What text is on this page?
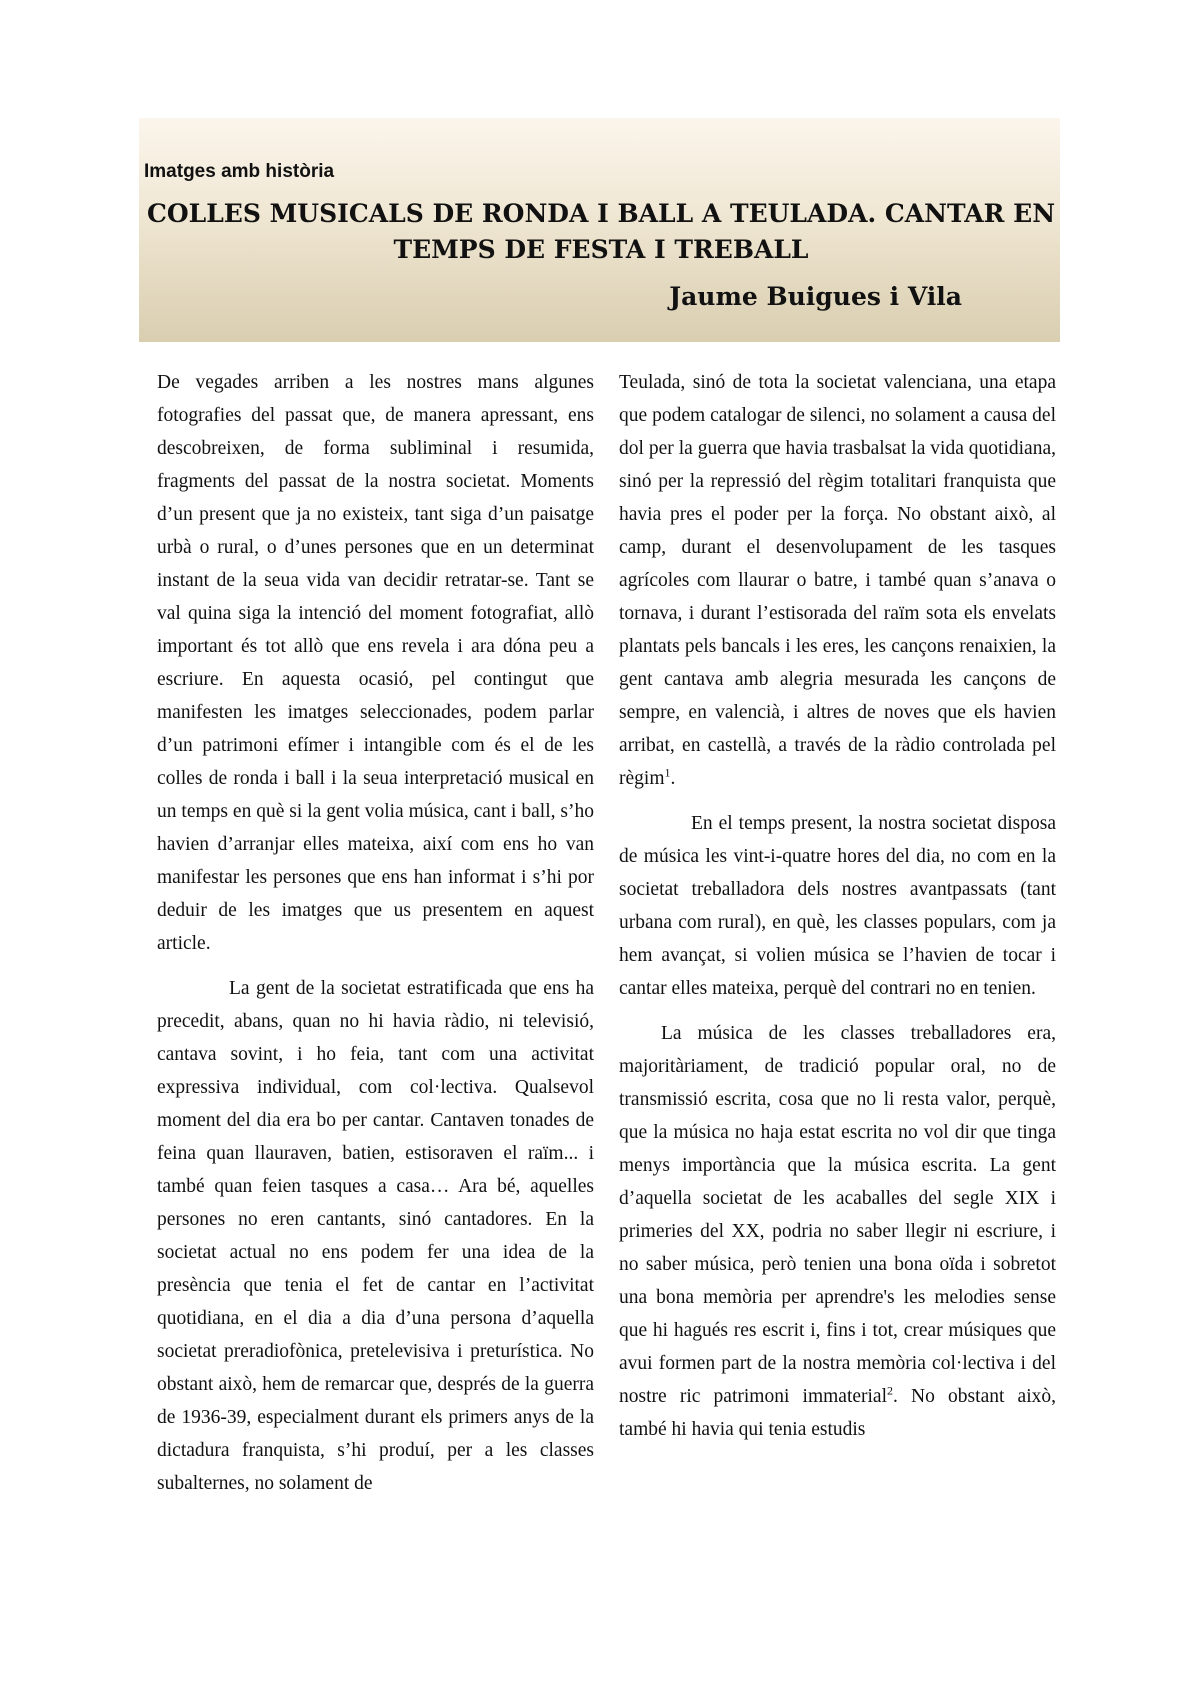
Imatges amb història
COLLES MUSICALS DE RONDA I BALL A TEULADA. CANTAR EN TEMPS DE FESTA I TREBALL
Jaume Buigues i Vila

De vegades arriben a les nostres mans algunes fotografies del passat que, de manera apressant, ens descobreixen, de forma subliminal i resumida, fragments del passat de la nostra societat. Moments d’un present que ja no existeix, tant siga d’un paisatge urbà o rural, o d’unes persones que en un determinat instant de la seua vida van decidir retratar-se. Tant se val quina siga la intenció del moment fotografiat, allò important és tot allò que ens revela i ara dóna peu a escriure. En aquesta ocasió, pel contingut que manifesten les imatges seleccionades, podem parlar d’un patrimoni efímer i intangible com és el de les colles de ronda i ball i la seua interpretació musical en un temps en què si la gent volia música, cant i ball, s’ho havien d’arranjar elles mateixa, així com ens ho van manifestar les persones que ens han informat i s’hi por deduir de les imatges que us presentem en aquest article.

La gent de la societat estratificada que ens ha precedit, abans, quan no hi havia ràdio, ni televisió, cantava sovint, i ho feia, tant com una activitat expressiva individual, com col·lectiva. Qualsevol moment del dia era bo per cantar. Cantaven tonades de feina quan llauraven, batien, estisoraven el raïm... i també quan feien tasques a casa… Ara bé, aquelles persones no eren cantants, sinó cantadores. En la societat actual no ens podem fer una idea de la presència que tenia el fet de cantar en l’activitat quotidiana, en el dia a dia d’una persona d’aquella societat preradiofònica, pretelevisiva i preturística. No obstant això, hem de remarcar que, després de la guerra de 1936-39, especialment durant els primers anys de la dictadura franquista, s’hi produí, per a les classes subalternes, no solament de

Teulada, sinó de tota la societat valenciana, una etapa que podem catalogar de silenci, no solament a causa del dol per la guerra que havia trasbalsat la vida quotidiana, sinó per la repressió del règim totalitari franquista que havia pres el poder per la força. No obstant això, al camp, durant el desenvolupament de les tasques agrícoles com llaurar o batre, i també quan s’anava o tornava, i durant l’estisorada del raïm sota els envelats plantats pels bancals i les eres, les cançons renaixien, la gent cantava amb alegria mesurada les cançons de sempre, en valencià, i altres de noves que els havien arribat, en castellà, a través de la ràdio controlada pel règim$^1$.

En el temps present, la nostra societat disposa de música les vint-i-quatre hores del dia, no com en la societat treballadora dels nostres avantpassats (tant urbana com rural), en què, les classes populars, com ja hem avançat, si volien música se l’havien de tocar i cantar elles mateixa, perquè del contrari no en tenien.

La música de les classes treballadores era, majoritàriament, de tradició popular oral, no de transmissió escrita, cosa que no li resta valor, perquè, que la música no haja estat escrita no vol dir que tinga menys importància que la música escrita. La gent d’aquella societat de les acaballes del segle XIX i primeries del XX, podria no saber llegir ni escriure, i no saber música, però tenien una bona oïda i sobretot una bona memòria per aprendre's les melodies sense que hi hagués res escrit i, fins i tot, crear músiques que avui formen part de la nostra memòria col·lectiva i del nostre ric patrimoni immaterial$^2$. No obstant això, també hi havia qui tenia estudis
